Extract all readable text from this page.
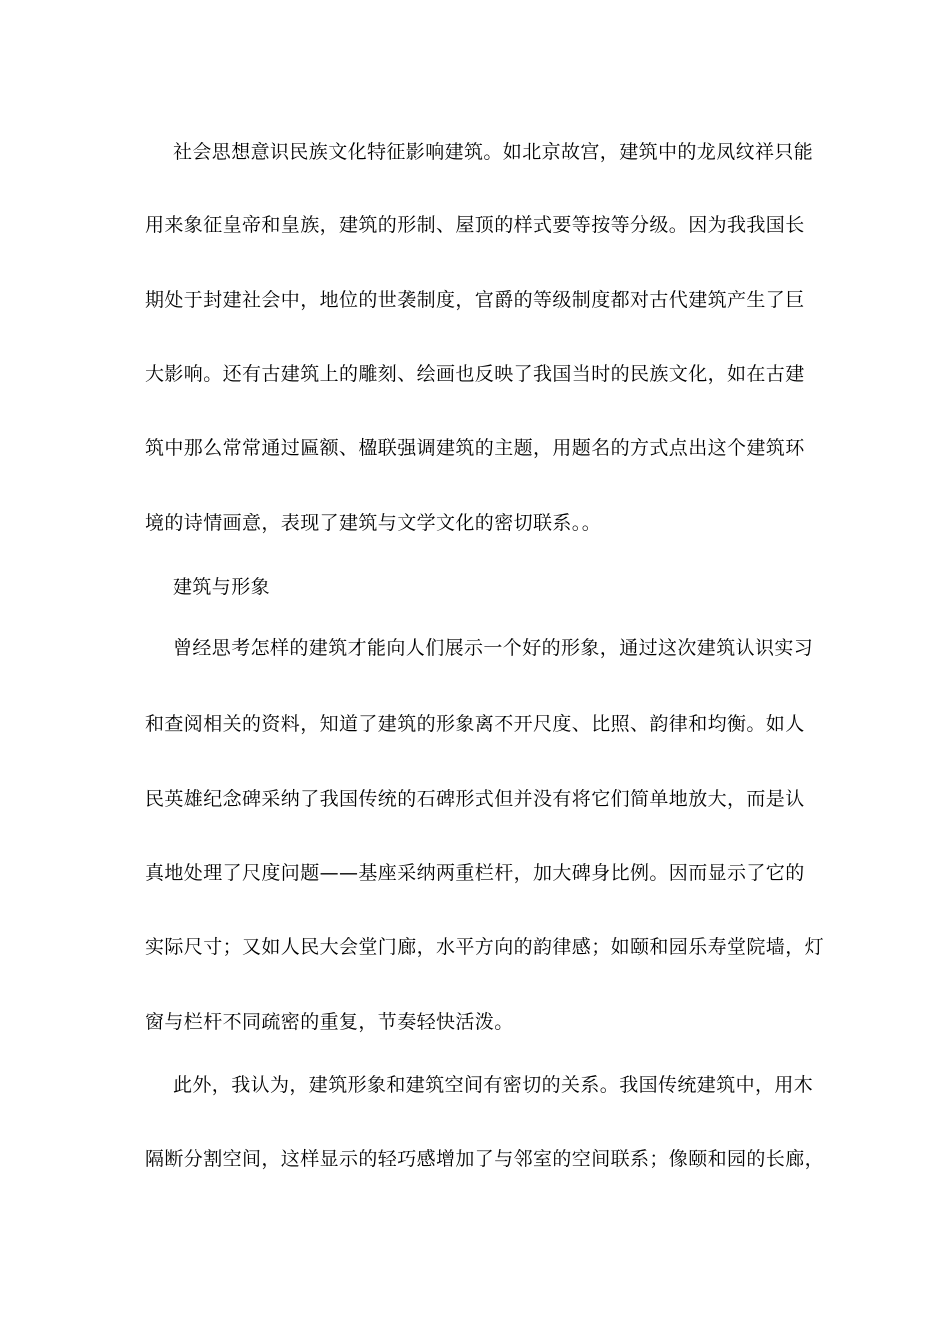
社会思想意识民族文化特征影响建筑。如北京故宫，建筑中的龙凤纹祥只能
用来象征皇帝和皇族，建筑的形制、屋顶的样式要等按等分级。因为我我国长
期处于封建社会中，地位的世袭制度，官爵的等级制度都对古代建筑产生了巨
大影响。还有古建筑上的雕刻、绘画也反映了我国当时的民族文化，如在古建
筑中那么常常通过匾额、楹联强调建筑的主题，用题名的方式点出这个建筑环
境的诗情画意，表现了建筑与文学文化的密切联系。。
建筑与形象
曾经思考怎样的建筑才能向人们展示一个好的形象，通过这次建筑认识实习
和查阅相关的资料，知道了建筑的形象离不开尺度、比照、韵律和均衡。如人
民英雄纪念碑采纳了我国传统的石碑形式但并没有将它们简单地放大，而是认
真地处理了尺度问题——基座采纳两重栏杆，加大碑身比例。因而显示了它的
实际尺寸；又如人民大会堂门廊，水平方向的韵律感；如颐和园乐寿堂院墙，灯
窗与栏杆不同疏密的重复，节奏轻快活泼。
此外，我认为，建筑形象和建筑空间有密切的关系。我国传统建筑中，用木
隔断分割空间，这样显示的轻巧感增加了与邻室的空间联系；像颐和园的长廊，
